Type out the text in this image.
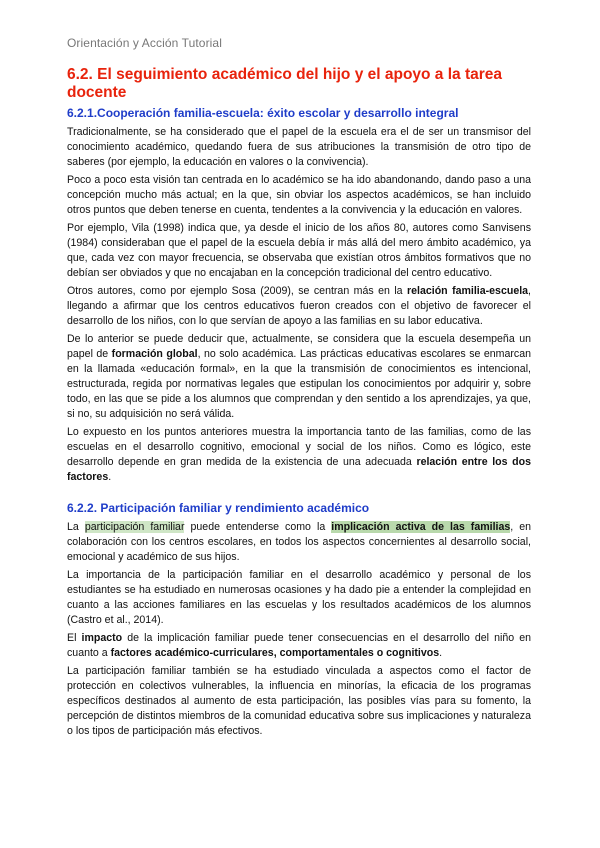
Orientación y Acción Tutorial
6.2. El seguimiento académico del hijo y el apoyo a la tarea docente
6.2.1.Cooperación familia-escuela: éxito escolar y desarrollo integral

Tradicionalmente, se ha considerado que el papel de la escuela era el de ser un transmisor del conocimiento académico, quedando fuera de sus atribuciones la transmisión de otro tipo de saberes (por ejemplo, la educación en valores o la convivencia).

Poco a poco esta visión tan centrada en lo académico se ha ido abandonando, dando paso a una concepción mucho más actual; en la que, sin obviar los aspectos académicos, se han incluido otros puntos que deben tenerse en cuenta, tendentes a la convivencia y la educación en valores.

Por ejemplo, Vila (1998) indica que, ya desde el inicio de los años 80, autores como Sanvisens (1984) consideraban que el papel de la escuela debía ir más allá del mero ámbito académico, ya que, cada vez con mayor frecuencia, se observaba que existían otros ámbitos formativos que no debían ser obviados y que no encajaban en la concepción tradicional del centro educativo.

Otros autores, como por ejemplo Sosa (2009), se centran más en la relación familia-escuela, llegando a afirmar que los centros educativos fueron creados con el objetivo de favorecer el desarrollo de los niños, con lo que servían de apoyo a las familias en su labor educativa.

De lo anterior se puede deducir que, actualmente, se considera que la escuela desempeña un papel de formación global, no solo académica. Las prácticas educativas escolares se enmarcan en la llamada «educación formal», en la que la transmisión de conocimientos es intencional, estructurada, regida por normativas legales que estipulan los conocimientos por adquirir y, sobre todo, en las que se pide a los alumnos que comprendan y den sentido a los aprendizajes, ya que, si no, su adquisición no será válida.

Lo expuesto en los puntos anteriores muestra la importancia tanto de las familias, como de las escuelas en el desarrollo cognitivo, emocional y social de los niños. Como es lógico, este desarrollo depende en gran medida de la existencia de una adecuada relación entre los dos factores.

6.2.2. Participación familiar y rendimiento académico

La participación familiar puede entenderse como la implicación activa de las familias, en colaboración con los centros escolares, en todos los aspectos concernientes al desarrollo social, emocional y académico de sus hijos.

La importancia de la participación familiar en el desarrollo académico y personal de los estudiantes se ha estudiado en numerosas ocasiones y ha dado pie a entender la complejidad en cuanto a las acciones familiares en las escuelas y los resultados académicos de los alumnos (Castro et al., 2014).

El impacto de la implicación familiar puede tener consecuencias en el desarrollo del niño en cuanto a factores académico-curriculares, comportamentales o cognitivos.

La participación familiar también se ha estudiado vinculada a aspectos como el factor de protección en colectivos vulnerables, la influencia en minorías, la eficacia de los programas específicos destinados al aumento de esta participación, las posibles vías para su fomento, la percepción de distintos miembros de la comunidad educativa sobre sus implicaciones y naturaleza o los tipos de participación más efectivos.
